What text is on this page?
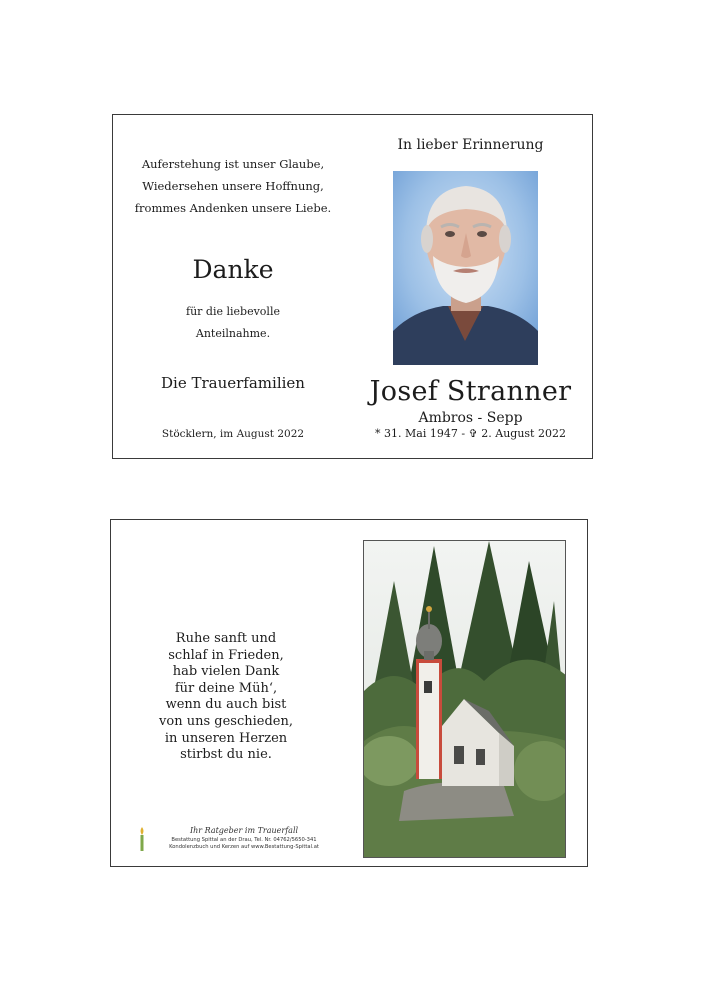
Auferstehung ist unser Glaube,
Wiedersehen unsere Hoffnung,
frommes Andenken unsere Liebe.
Danke
für die liebevolle
Anteilnahme.
Die Trauerfamilien
Stöcklern, im August 2022
In lieber Erinnerung
Josef Stranner
Ambros - Sepp
* 31. Mai 1947 - ✞ 2. August 2022
Ruhe sanft und
schlaf in Frieden,
hab vielen Dank
für deine Müh‘,
wenn du auch bist
von uns geschieden,
in unseren Herzen
stirbst du nie.
Ihr Ratgeber im Trauerfall
Bestattung Spittal an der Drau, Tel. Nr. 04762/5650-341
Kondolenzbuch und Kerzen auf www.Bestattung-Spittal.at
